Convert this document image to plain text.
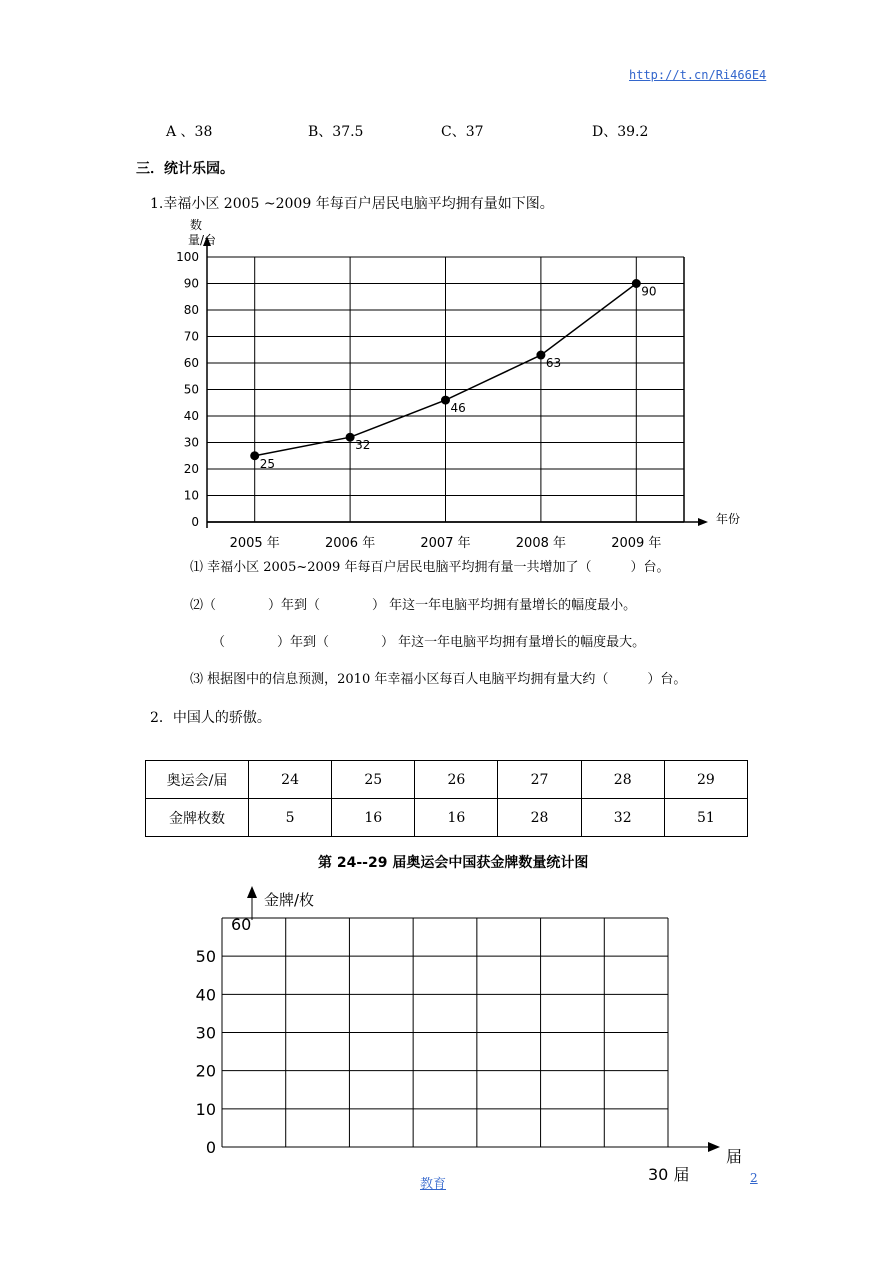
http://t.cn/Ri466E4
A 、38	B、37.5	C、37	D、39.2
三．统计乐园。
1.幸福小区 2005 ~2009 年每百户居民电脑平均拥有量如下图。
0
10
20
30
40
50
60
70
80
90
100
2005 年	2006 年	2007 年	2008 年	2009 年
25
32
46
63
90
数
量/台
年份
⑴ 幸福小区 2005~2009 年每百户居民电脑平均拥有量一共增加了（　　　）台。
⑵（　　　　）年到（　　　　） 年这一年电脑平均拥有量增长的幅度最小。
（　　　　）年到（　　　　） 年这一年电脑平均拥有量增长的幅度最大。
⑶ 根据图中的信息预测，2010 年幸福小区每百人电脑平均拥有量大约（　　　）台。
2．中国人的骄傲。
奥运会/届	24	25	26	27	28	29
金牌枚数	5	16	16	28	32	51
第 24--29 届奥运会中国获金牌数量统计图
0
10
20
30
40
50
60
金牌/枚
届
30 届
教育	2
